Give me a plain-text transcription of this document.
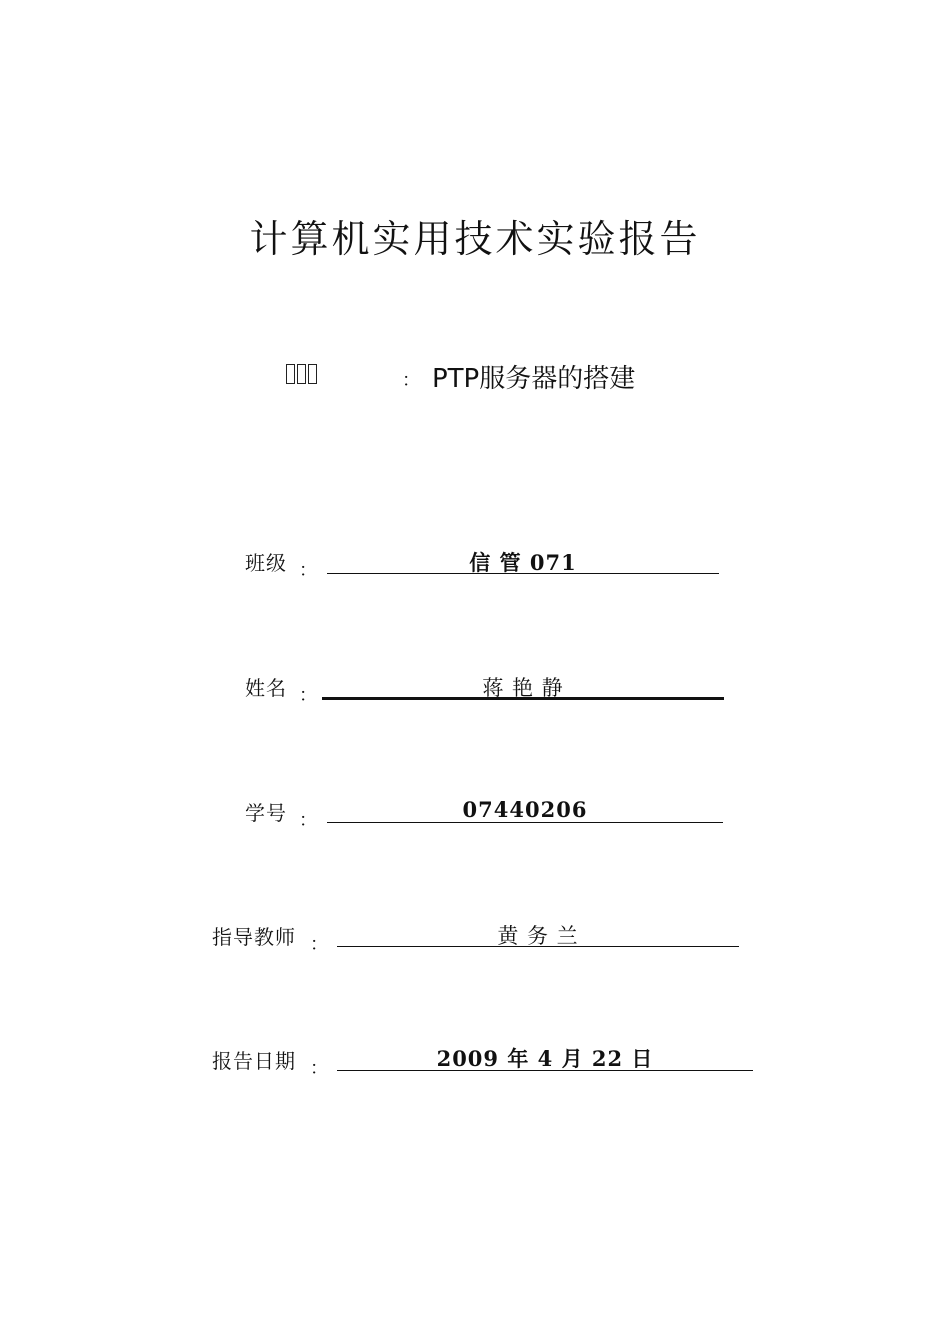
计算机实用技术实验报告
： PTP服务器的搭建
班级 ：	信 管 071
姓名 ：	蒋 艳 静
学号 ：	07440206
指导教师 ：	黄 务 兰
报告日期 ：	2009 年 4 月 22 日
